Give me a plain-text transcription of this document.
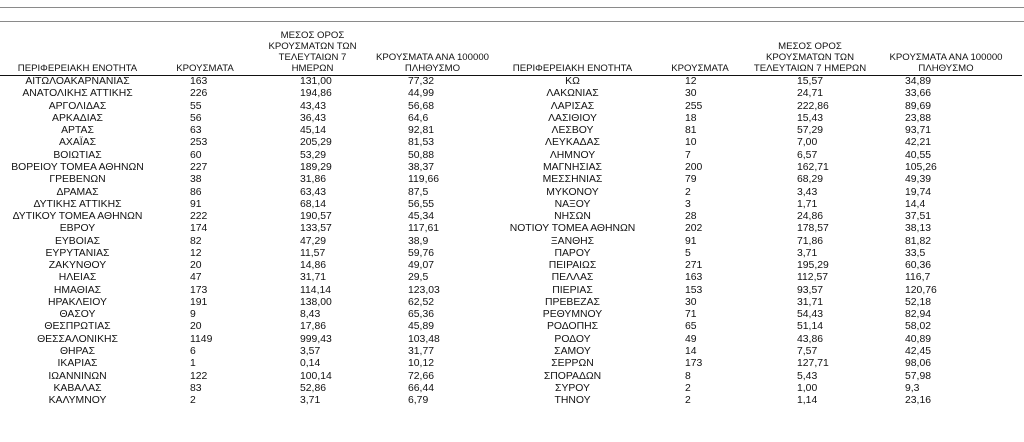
ΠΕΡΙΦΕΡΕΙΑΚΗ ΕΝΟΤΗΤΑ	ΚΡΟΥΣΜΑΤΑ	ΜΕΣΟΣ ΟΡΟΣ ΚΡΟΥΣΜΑΤΩΝ ΤΩΝ ΤΕΛΕΥΤΑΙΩΝ 7 ΗΜΕΡΩΝ	ΚΡΟΥΣΜΑΤΑ ΑΝΑ 100000 ΠΛΗΘΥΣΜΟ	ΠΕΡΙΦΕΡΕΙΑΚΗ ΕΝΟΤΗΤΑ	ΚΡΟΥΣΜΑΤΑ	ΜΕΣΟΣ ΟΡΟΣ ΚΡΟΥΣΜΑΤΩΝ ΤΩΝ ΤΕΛΕΥΤΑΙΩΝ 7 ΗΜΕΡΩΝ	ΚΡΟΥΣΜΑΤΑ ΑΝΑ 100000 ΠΛΗΘΥΣΜΟ
ΑΙΤΩΛΟΑΚΑΡΝΑΝΙΑΣ	163	131,00	77,32	ΚΩ	12	15,57	34,89
ΑΝΑΤΟΛΙΚΗΣ ΑΤΤΙΚΗΣ	226	194,86	44,99	ΛΑΚΩΝΙΑΣ	30	24,71	33,66
ΑΡΓΟΛΙΔΑΣ	55	43,43	56,68	ΛΑΡΙΣΑΣ	255	222,86	89,69
ΑΡΚΑΔΙΑΣ	56	36,43	64,6	ΛΑΣΙΘΙΟΥ	18	15,43	23,88
ΑΡΤΑΣ	63	45,14	92,81	ΛΕΣΒΟΥ	81	57,29	93,71
ΑΧΑΪΑΣ	253	205,29	81,53	ΛΕΥΚΑΔΑΣ	10	7,00	42,21
ΒΟΙΩΤΙΑΣ	60	53,29	50,88	ΛΗΜΝΟΥ	7	6,57	40,55
ΒΟΡΕΙΟΥ ΤΟΜΕΑ ΑΘΗΝΩΝ	227	189,29	38,37	ΜΑΓΝΗΣΙΑΣ	200	162,71	105,26
ΓΡΕΒΕΝΩΝ	38	31,86	119,66	ΜΕΣΣΗΝΙΑΣ	79	68,29	49,39
ΔΡΑΜΑΣ	86	63,43	87,5	ΜΥΚΟΝΟΥ	2	3,43	19,74
ΔΥΤΙΚΗΣ ΑΤΤΙΚΗΣ	91	68,14	56,55	ΝΑΞΟΥ	3	1,71	14,4
ΔΥΤΙΚΟΥ ΤΟΜΕΑ ΑΘΗΝΩΝ	222	190,57	45,34	ΝΗΣΩΝ	28	24,86	37,51
ΕΒΡΟΥ	174	133,57	117,61	ΝΟΤΙΟΥ ΤΟΜΕΑ ΑΘΗΝΩΝ	202	178,57	38,13
ΕΥΒΟΙΑΣ	82	47,29	38,9	ΞΑΝΘΗΣ	91	71,86	81,82
ΕΥΡΥΤΑΝΙΑΣ	12	11,57	59,76	ΠΑΡΟΥ	5	3,71	33,5
ΖΑΚΥΝΘΟΥ	20	14,86	49,07	ΠΕΙΡΑΙΩΣ	271	195,29	60,36
ΗΛΕΙΑΣ	47	31,71	29,5	ΠΕΛΛΑΣ	163	112,57	116,7
ΗΜΑΘΙΑΣ	173	114,14	123,03	ΠΙΕΡΙΑΣ	153	93,57	120,76
ΗΡΑΚΛΕΙΟΥ	191	138,00	62,52	ΠΡΕΒΕΖΑΣ	30	31,71	52,18
ΘΑΣΟΥ	9	8,43	65,36	ΡΕΘΥΜΝΟΥ	71	54,43	82,94
ΘΕΣΠΡΩΤΙΑΣ	20	17,86	45,89	ΡΟΔΟΠΗΣ	65	51,14	58,02
ΘΕΣΣΑΛΟΝΙΚΗΣ	1149	999,43	103,48	ΡΟΔΟΥ	49	43,86	40,89
ΘΗΡΑΣ	6	3,57	31,77	ΣΑΜΟΥ	14	7,57	42,45
ΙΚΑΡΙΑΣ	1	0,14	10,12	ΣΕΡΡΩΝ	173	127,71	98,06
ΙΩΑΝΝΙΝΩΝ	122	100,14	72,66	ΣΠΟΡΑΔΩΝ	8	5,43	57,98
ΚΑΒΑΛΑΣ	83	52,86	66,44	ΣΥΡΟΥ	2	1,00	9,3
ΚΑΛΥΜΝΟΥ	2	3,71	6,79	ΤΗΝΟΥ	2	1,14	23,16
